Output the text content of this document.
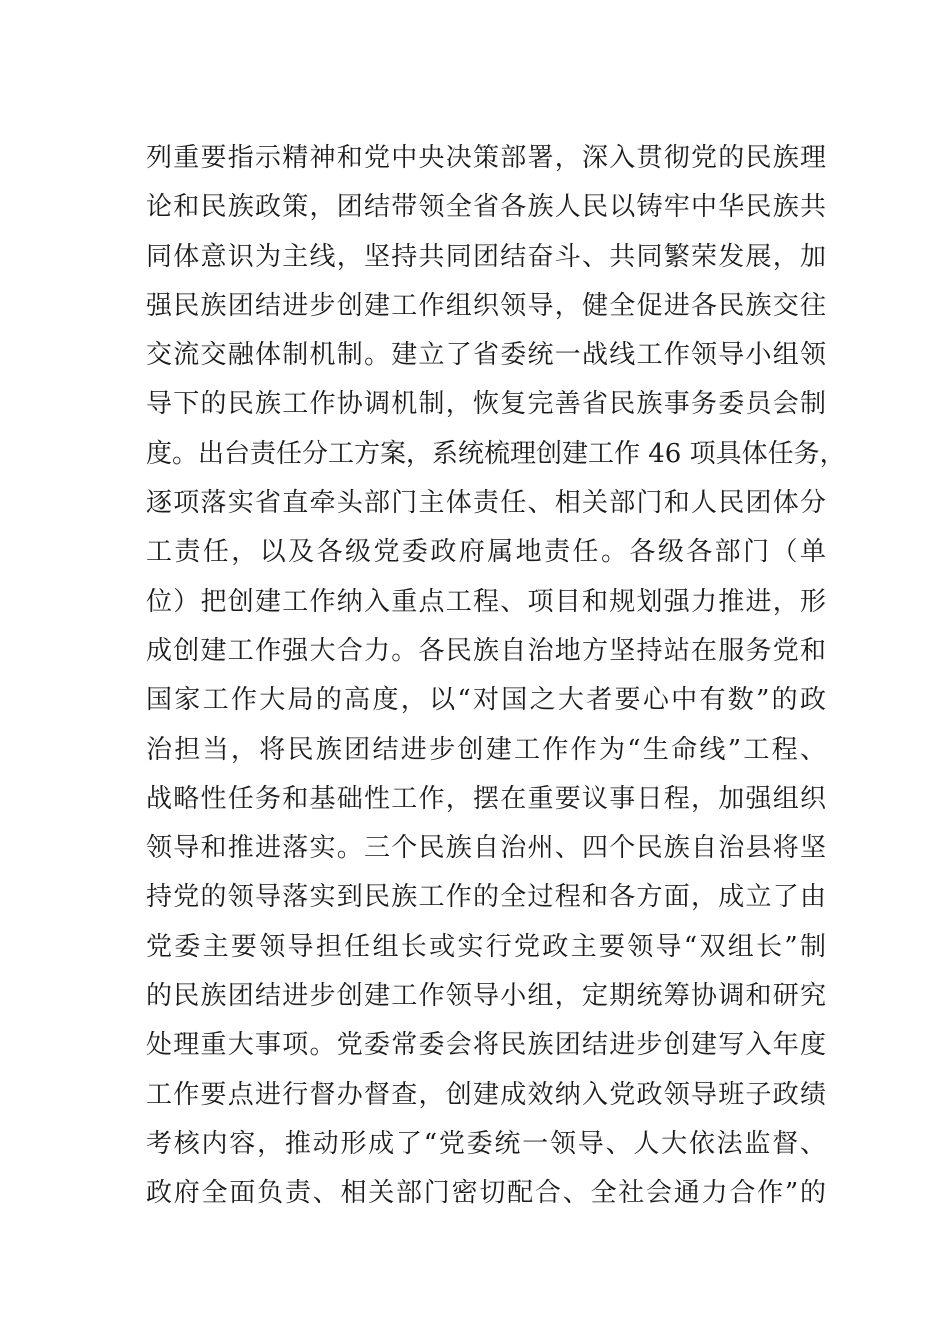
列重要指示精神和党中央决策部署，深入贯彻党的民族理
论和民族政策，团结带领全省各族人民以铸牢中华民族共
同体意识为主线，坚持共同团结奋斗、共同繁荣发展，加
强民族团结进步创建工作组织领导，健全促进各民族交往
交流交融体制机制。建立了省委统一战线工作领导小组领
导下的民族工作协调机制，恢复完善省民族事务委员会制
度。出台责任分工方案，系统梳理创建工作 46 项具体任务，
逐项落实省直牵头部门主体责任、相关部门和人民团体分
工责任，以及各级党委政府属地责任。各级各部门（单
位）把创建工作纳入重点工程、项目和规划强力推进，形
成创建工作强大合力。各民族自治地方坚持站在服务党和
国家工作大局的高度，以“对国之大者要心中有数”的政
治担当，将民族团结进步创建工作作为“生命线”工程、
战略性任务和基础性工作，摆在重要议事日程，加强组织
领导和推进落实。三个民族自治州、四个民族自治县将坚
持党的领导落实到民族工作的全过程和各方面，成立了由
党委主要领导担任组长或实行党政主要领导“双组长”制
的民族团结进步创建工作领导小组，定期统筹协调和研究
处理重大事项。党委常委会将民族团结进步创建写入年度
工作要点进行督办督查，创建成效纳入党政领导班子政绩
考核内容，推动形成了“党委统一领导、人大依法监督、
政府全面负责、相关部门密切配合、全社会通力合作”的
